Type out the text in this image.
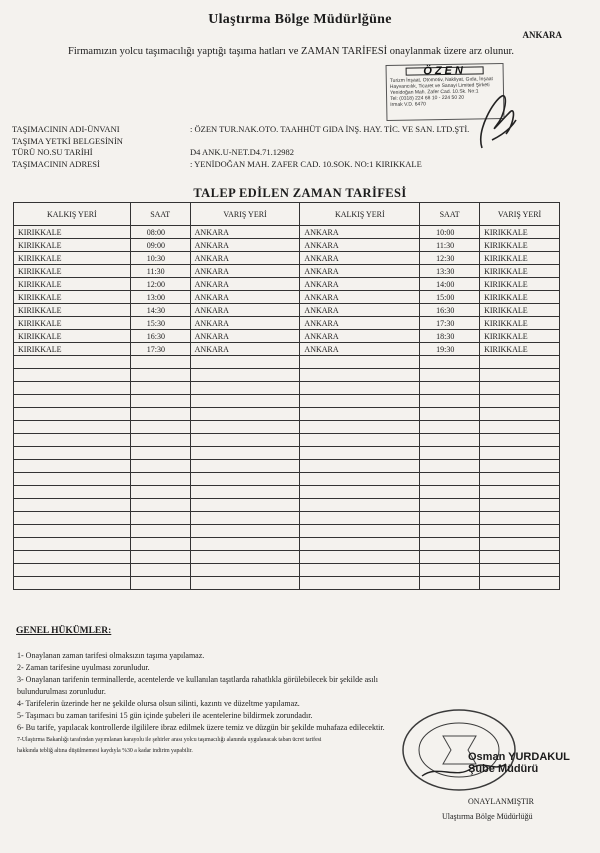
Ulaştırma Bölge Müdürlğüne
ANKARA
Firmamızın yolcu taşımacılığı yaptığı taşıma hatları ve ZAMAN TARİFESİ onaylanmak üzere arz olunur.
ÖZEN
Turizm İnşaat, Otomotiv, Nakliyat, Gıda, İnşaat
Hayvancılık, Ticaret ve Sanayi Limited Şirketi
Yenidoğan Mah. Zafer Cad. 10.Sk. No:1
Tel: (0318) 224 68 10 - 224 50 20
Irmak V.D. 6470
TAŞIMACININ ADI-ÜNVANI	: ÖZEN TUR.NAK.OTO. TAAHHÜT GIDA İNŞ. HAY. TİC. VE SAN. LTD.ŞTİ.
TAŞIMA YETKİ BELGESİNİN
TÜRÜ NO.SU TARİHİ	D4 ANK.U-NET.D4.71.12982
TAŞIMACININ ADRESİ	: YENİDOĞAN MAH. ZAFER CAD. 10.SOK. NO:1 KIRIKKALE
TALEP EDİLEN ZAMAN TARİFESİ
KALKIŞ YERİ	SAAT	VARIŞ YERİ	KALKIŞ YERİ	SAAT	VARIŞ YERİ
KIRIKKALE	08:00	ANKARA	ANKARA	10:00	KIRIKKALE
KIRIKKALE	09:00	ANKARA	ANKARA	11:30	KIRIKKALE
KIRIKKALE	10:30	ANKARA	ANKARA	12:30	KIRIKKALE
KIRIKKALE	11:30	ANKARA	ANKARA	13:30	KIRIKKALE
KIRIKKALE	12:00	ANKARA	ANKARA	14:00	KIRIKKALE
KIRIKKALE	13:00	ANKARA	ANKARA	15:00	KIRIKKALE
KIRIKKALE	14:30	ANKARA	ANKARA	16:30	KIRIKKALE
KIRIKKALE	15:30	ANKARA	ANKARA	17:30	KIRIKKALE
KIRIKKALE	16:30	ANKARA	ANKARA	18:30	KIRIKKALE
KIRIKKALE	17:30	ANKARA	ANKARA	19:30	KIRIKKALE

GENEL HÜKÜMLER:
1- Onaylanan zaman tarifesi olmaksızın taşıma yapılamaz.
2- Zaman tarifesine uyulması zorunludur.
3- Onaylanan tarifenin terminallerde, acentelerde ve kullanılan taşıtlarda rahatlıkla görülebilecek bir şekilde asılı
bulundurulması zorunludur.
4- Tarifelerin üzerinde her ne şekilde olursa olsun silinti, kazıntı ve düzeltme yapılamaz.
5- Taşımacı bu zaman tarifesini 15 gün içinde şubeleri ile acentelerine bildirmek zorundadır.
6- Bu tarife, yapılacak kontrollerde ilgililere ibraz edilmek üzere temiz ve düzgün bir şekilde muhafaza edilecektir.
7-Ulaştırma Bakanlığı tarafından yayımlanan karayolu ile şehirler arası yolcu taşımacılığı alanında uygulanacak taban ücret tarifesi
hakkında tebliğ altına düşülmemesi kaydıyla %30 a kadar indirim yapabilir.	Osman YURDAKUL
Şube Müdürü
ONAYLANMIŞTIR
Ulaştırma Bölge Müdürlüğü
